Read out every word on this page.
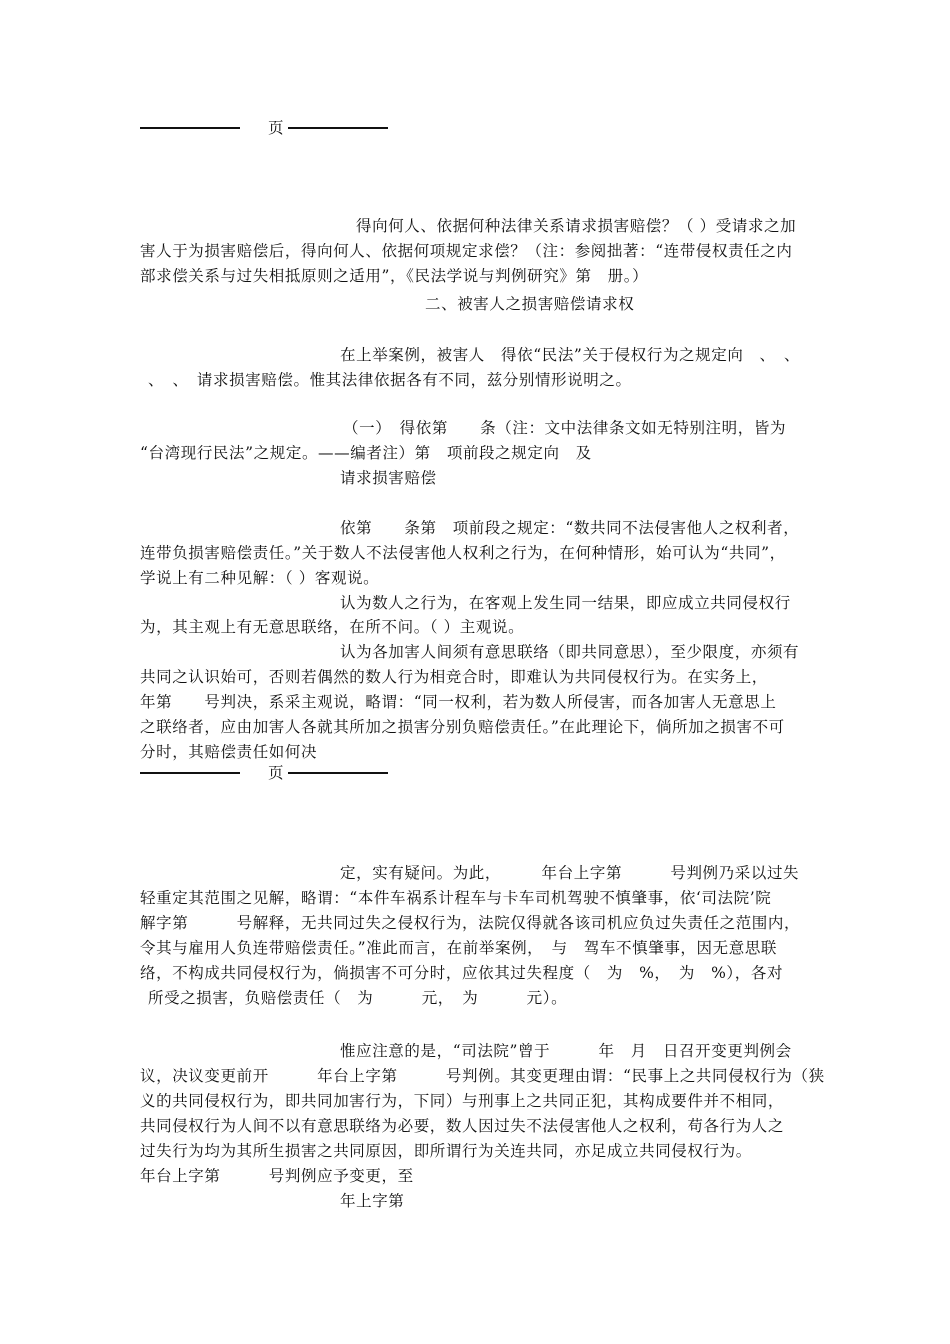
页
页
得向何人、依据何种法律关系请求损害赔偿？（ ）受请求之加
害人于为损害赔偿后，得向何人、依据何项规定求偿？（注：参阅拙著：“连带侵权责任之内
部求偿关系与过失相抵原则之适用”，《民法学说与判例研究》第　册。）
二、被害人之损害赔偿请求权
在上举案例，被害人　得依“民法”关于侵权行为之规定向　、　、
、　、　请求损害赔偿。惟其法律依据各有不同，兹分别情形说明之。
（一）　得依第　　条（注：文中法律条文如无特别注明，皆为
“台湾现行民法”之规定。——编者注）第　项前段之规定向　及
请求损害赔偿
依第　　条第　项前段之规定：“数共同不法侵害他人之权利者，
连带负损害赔偿责任。”关于数人不法侵害他人权利之行为，在何种情形，始可认为“共同”，
学说上有二种见解：（ ）客观说。
认为数人之行为，在客观上发生同一结果，即应成立共同侵权行
为，其主观上有无意思联络，在所不问。（ ）主观说。
认为各加害人间须有意思联络（即共同意思），至少限度，亦须有
共同之认识始可，否则若偶然的数人行为相竞合时，即难认为共同侵权行为。在实务上，
年第　　号判决，系采主观说，略谓：“同一权利，若为数人所侵害，而各加害人无意思上
之联络者，应由加害人各就其所加之损害分别负赔偿责任。”在此理论下，倘所加之损害不可
分时，其赔偿责任如何决
定，实有疑问。为此，　　　年台上字第　　　号判例乃采以过失
轻重定其范围之见解，略谓：“本件车祸系计程车与卡车司机驾驶不慎肇事，依‘司法院’院
解字第　　　号解释，无共同过失之侵权行为，法院仅得就各该司机应负过失责任之范围内，
令其与雇用人负连带赔偿责任。”准此而言，在前举案例，　与　驾车不慎肇事，因无意思联
络，不构成共同侵权行为，倘损害不可分时，应依其过失程度（　为　%，　为　%），各对
所受之损害，负赔偿责任（　为　　　元，　为　　　元）。
惟应注意的是，“司法院”曾于　　　年　月　日召开变更判例会
议，决议变更前开　　　年台上字第　　　号判例。其变更理由谓：“民事上之共同侵权行为（狭
义的共同侵权行为，即共同加害行为，下同）与刑事上之共同正犯，其构成要件并不相同，
共同侵权行为人间不以有意思联络为必要，数人因过失不法侵害他人之权利，苟各行为人之
过失行为均为其所生损害之共同原因，即所谓行为关连共同，亦足成立共同侵权行为。
年台上字第　　　号判例应予变更，至
年上字第
